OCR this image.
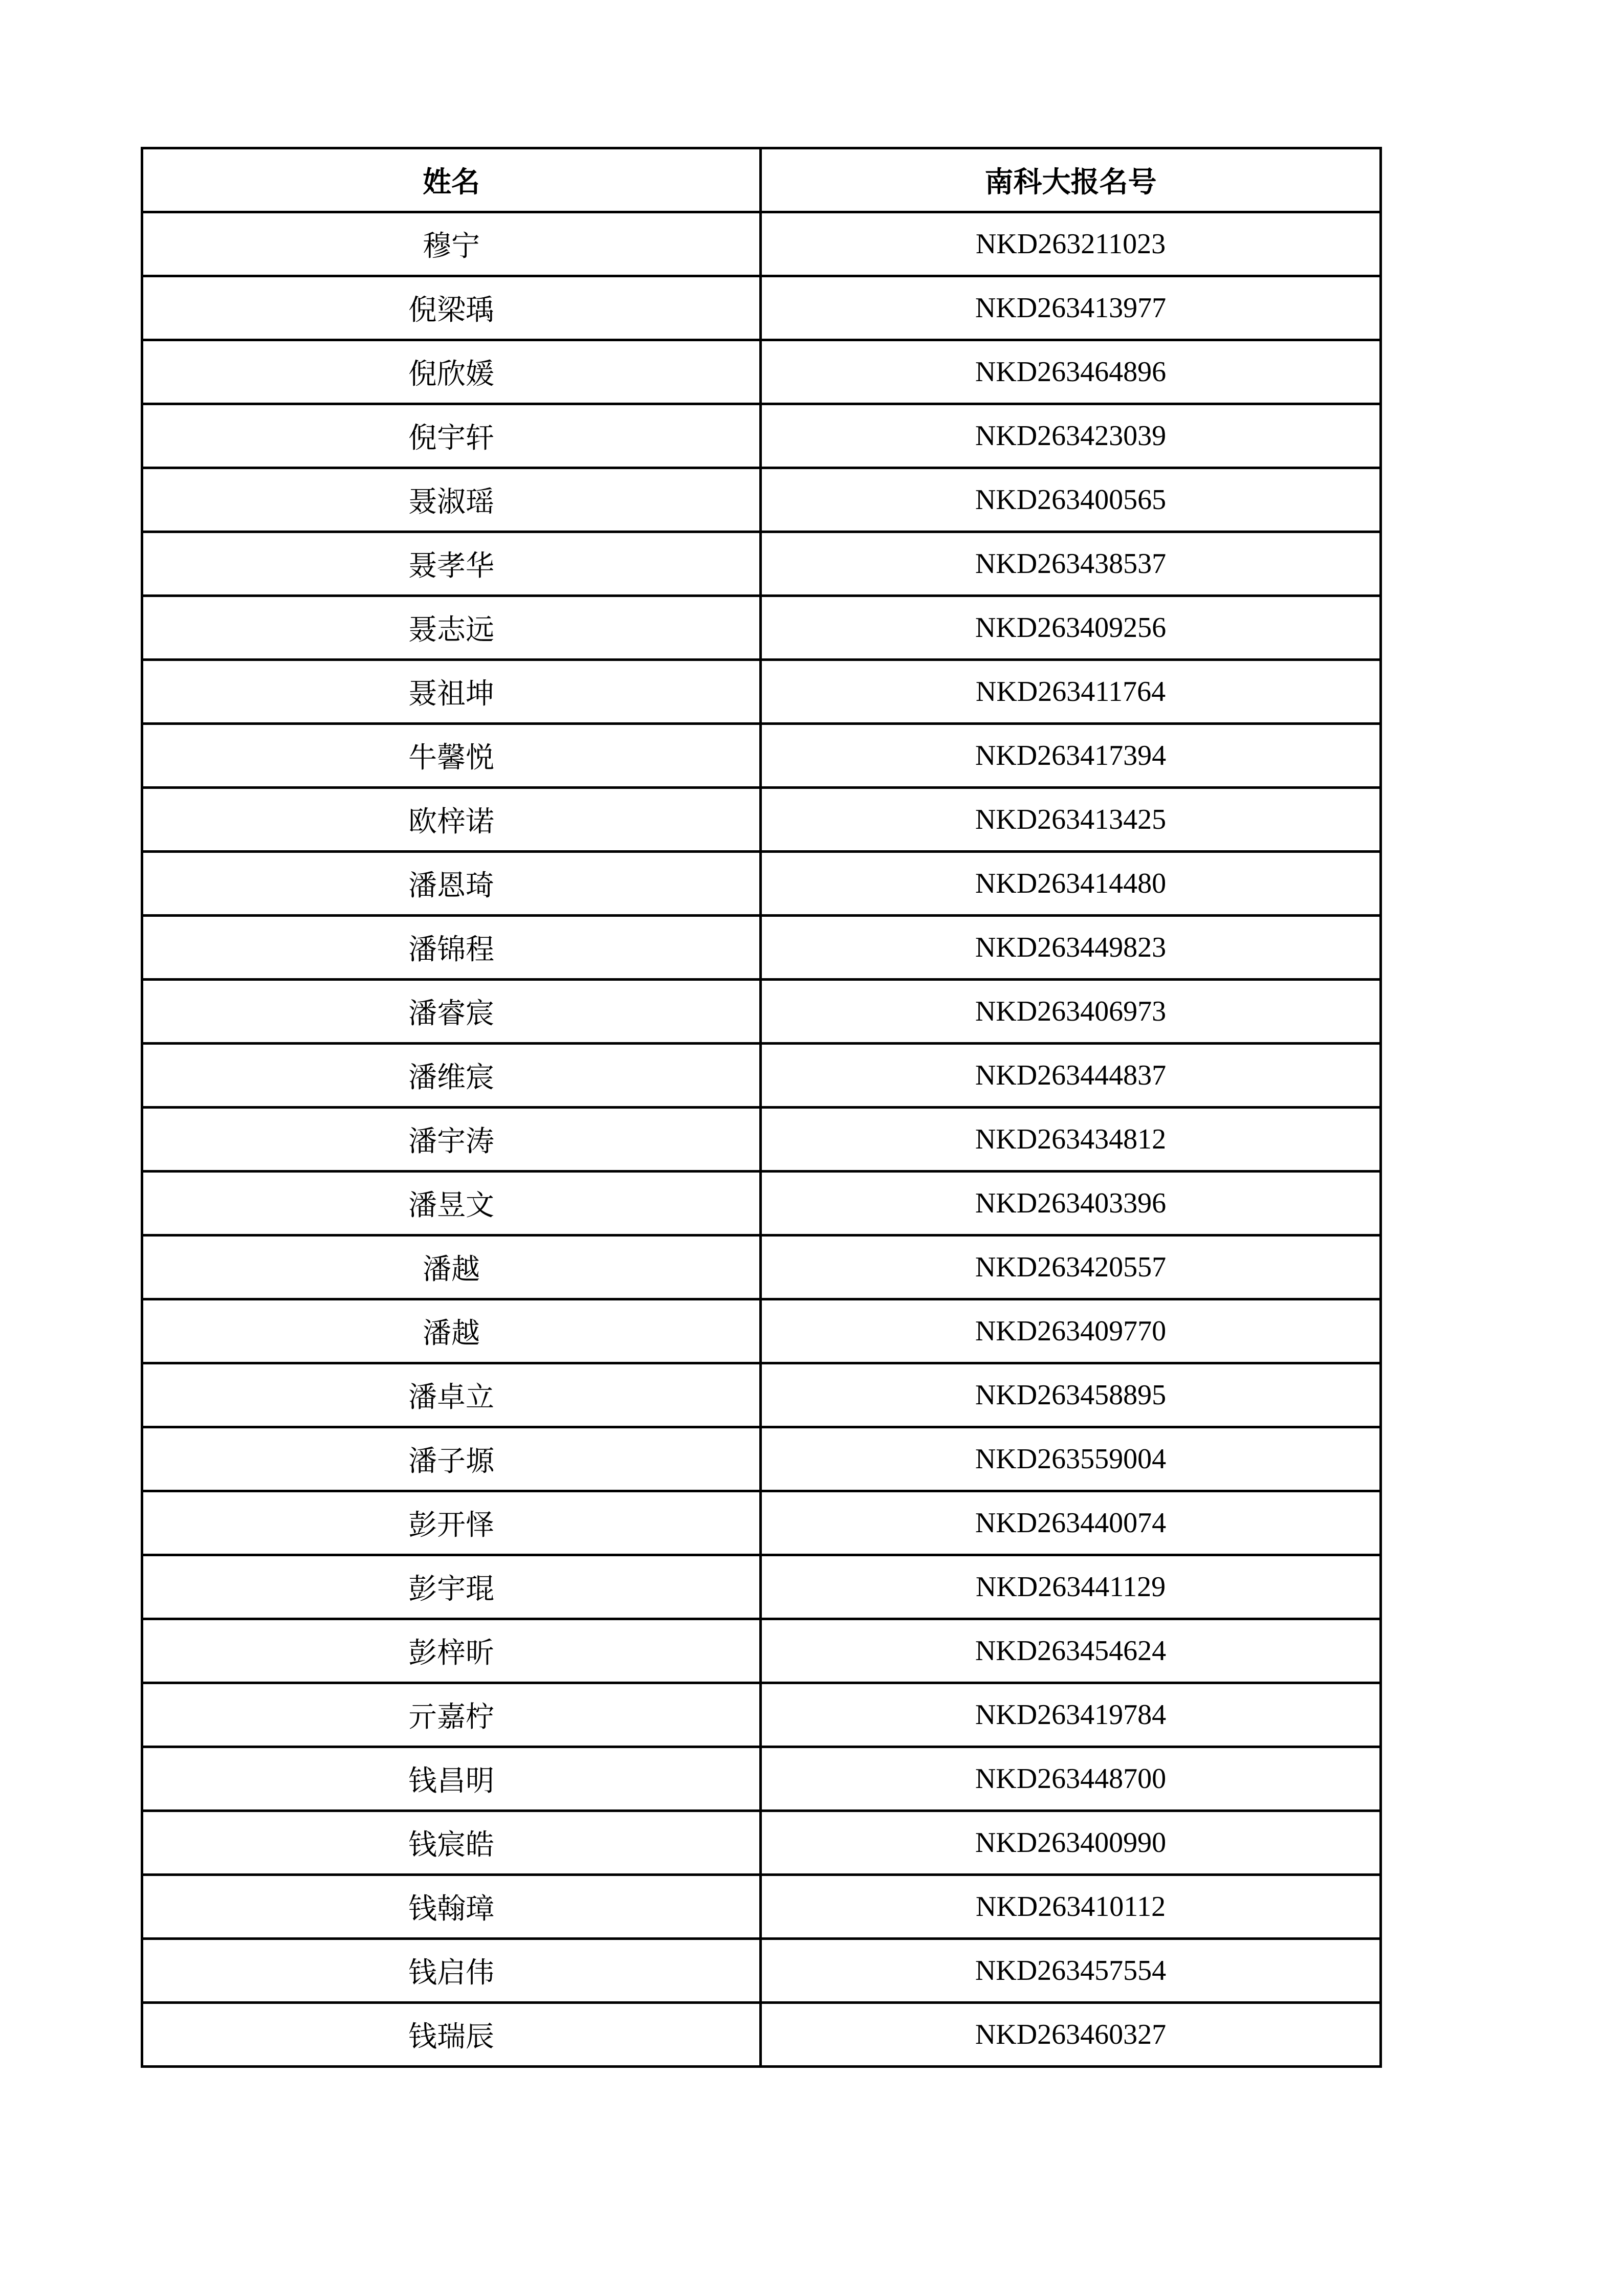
姓名	南科大报名号
穆宁	NKD263211023
倪梁瑀	NKD263413977
倪欣媛	NKD263464896
倪宇轩	NKD263423039
聂淑瑶	NKD263400565
聂孝华	NKD263438537
聂志远	NKD263409256
聂祖坤	NKD263411764
牛馨悦	NKD263417394
欧梓诺	NKD263413425
潘恩琦	NKD263414480
潘锦程	NKD263449823
潘睿宸	NKD263406973
潘维宸	NKD263444837
潘宇涛	NKD263434812
潘昱文	NKD263403396
潘越	NKD263420557
潘越	NKD263409770
潘卓立	NKD263458895
潘子塬	NKD263559004
彭开怿	NKD263440074
彭宇琨	NKD263441129
彭梓昕	NKD263454624
亓嘉柠	NKD263419784
钱昌明	NKD263448700
钱宸皓	NKD263400990
钱翰璋	NKD263410112
钱启伟	NKD263457554
钱瑞辰	NKD263460327
